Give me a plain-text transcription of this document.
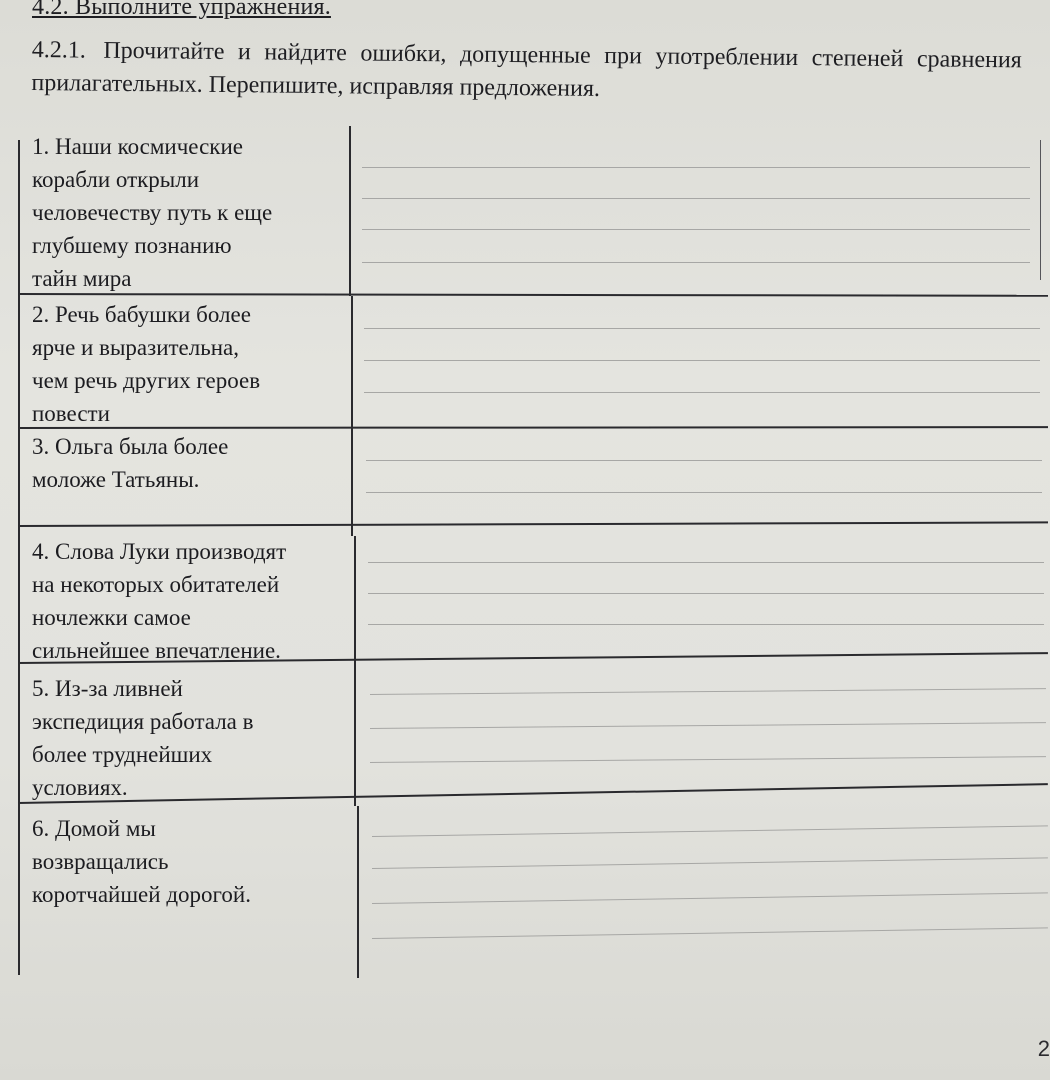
4.2. Выполните упражнения.
4.2.1. Прочитайте и найдите ошибки, допущенные при употреблении степеней сравнения прилагательных. Перепишите, исправляя предложения.
1. Наши космические
корабли открыли
человечеству путь к еще
глубшему познанию
тайн мира
2. Речь бабушки более
ярче и выразительна,
чем речь других героев
повести
3. Ольга была более
моложе Татьяны.
4. Слова Луки производят
на некоторых обитателей
ночлежки самое
сильнейшее впечатление.
5. Из-за ливней
экспедиция работала в
более труднейших
условиях.
6. Домой мы
возвращались
коротчайшей дорогой.
2
